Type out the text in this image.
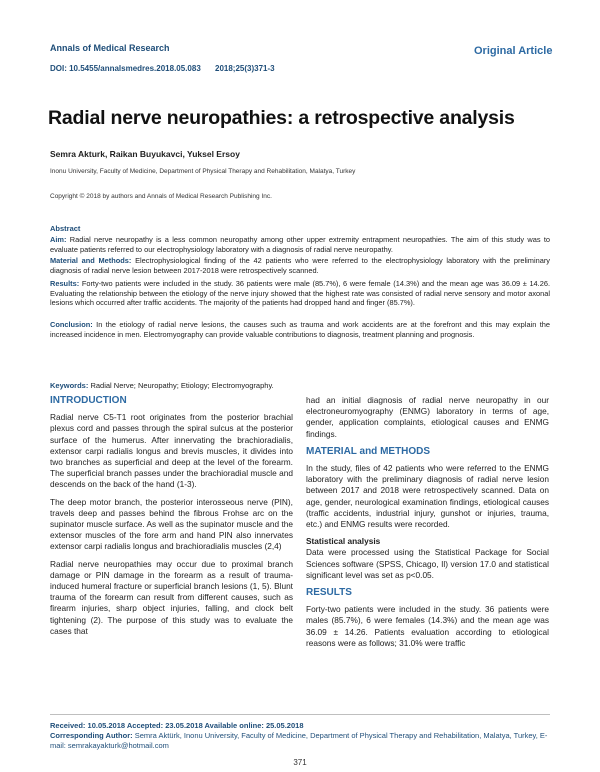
Annals of Medical Research
DOI: 10.5455/annalsmedres.2018.05.083 2018;25(3)371-3
Original Article
Radial nerve neuropathies: a retrospective analysis
Semra Akturk, Raikan Buyukavci, Yuksel Ersoy
Inonu University, Faculty of Medicine, Department of Physical Therapy and Rehabilitation, Malatya, Turkey
Copyright © 2018 by authors and Annals of Medical Research Publishing Inc.
Abstract
Aim: Radial nerve neuropathy is a less common neuropathy among other upper extremity entrapment neuropathies. The aim of this study was to evaluate patients referred to our electrophysiology laboratory with a diagnosis of radial nerve neuropathy.
Material and Methods: Electrophysiological finding of the 42 patients who were referred to the electrophysiology laboratory with the preliminary diagnosis of radial nerve lesion between 2017-2018 were retrospectively scanned.
Results: Forty-two patients were included in the study. 36 patients were male (85.7%), 6 were female (14.3%) and the mean age was 36.09 ± 14.26. Evaluating the relationship between the etiology of the nerve injury showed that the highest rate was consisted of radial nerve sensory and motor axonal lesions which occurred after traffic accidents. The majority of the patients had dropped hand and finger (85.7%).
Conclusion: In the etiology of radial nerve lesions, the causes such as trauma and work accidents are at the forefront and this may explain the increased incidence in men. Electromyography can provide valuable contributions to diagnosis, treatment planning and prognosis.
Keywords: Radial Nerve; Neuropathy; Etiology; Electromyography.
INTRODUCTION

Radial nerve C5-T1 root originates from the posterior brachial plexus cord and passes through the spiral sulcus at the posterior surface of the humerus. After innervating the brachioradialis, extensor carpi radialis longus and brevis muscles, it divides into two branches as superficial and deep at the level of the forearm. The superficial branch passes under the brachioradial muscle and descends on the back of the hand (1-3).

The deep motor branch, the posterior interosseous nerve (PIN), travels deep and passes behind the fibrous Frohse arc on the supinator muscle surface. As well as the supinator muscle and the extensor muscles of the fore arm and hand PIN also innervates extensor carpi radialis longus and brachioradialis muscles (2,4)

Radial nerve neuropathies may occur due to proximal branch damage or PIN damage in the forearm as a result of trauma-induced humeral fracture or superficial branch lesions (1, 5). Blunt trauma of the forearm can result from different causes, such as firearm injuries, sharp object injuries, falling, and clock belt tightening (2). The purpose of this study was to evaluate the cases that

had an initial diagnosis of radial nerve neuropathy in our electroneuromyography (ENMG) laboratory in terms of age, gender, application complaints, etiological causes and ENMG findings.

MATERIAL and METHODS

In the study, files of 42 patients who were referred to the ENMG laboratory with the preliminary diagnosis of radial nerve lesion between 2017 and 2018 were retrospectively scanned. Data on age, gender, neurological examination findings, etiological causes (traffic accidents, industrial injury, gunshot or injuries, trauma, etc.) and ENMG results were recorded.

Statistical analysis

Data were processed using the Statistical Package for Social Sciences software (SPSS, Chicago, Il) version 17.0 and statistical significant level was set as p<0.05.

RESULTS

Forty-two patients were included in the study. 36 patients were males (85.7%), 6 were females (14.3%) and the mean age was 36.09 ± 14.26. Patients evaluation according to etiological reasons were as follows; 31.0% were traffic

Received: 10.05.2018 Accepted: 23.05.2018 Available online: 25.05.2018
Corresponding Author: Semra Aktürk, Inonu University, Faculty of Medicine, Department of Physical Therapy and Rehabilitation, Malatya, Turkey, E-mail: semrakayakturk@hotmail.com
371
